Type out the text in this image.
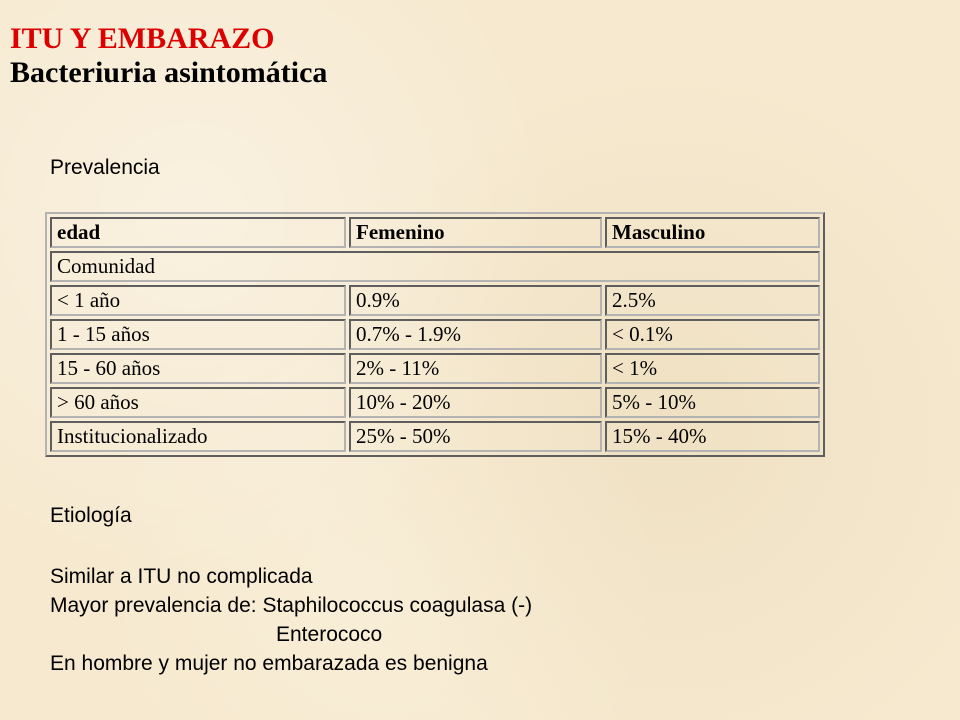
ITU Y EMBARAZO
Bacteriuria asintomática

Prevalencia

edad	Femenino	Masculino
Comunidad		
< 1 año	0.9%	2.5%
1 - 15 años	0.7% - 1.9%	< 0.1%
15 - 60 años	2% - 11%	< 1%
> 60 años	10% - 20%	5% - 10%
Institucionalizado	25% - 50%	15% - 40%

Etiología

Similar a ITU no complicada
Mayor prevalencia de: Staphilococcus coagulasa (-)
Enterococo
En hombre y mujer no embarazada es benigna
